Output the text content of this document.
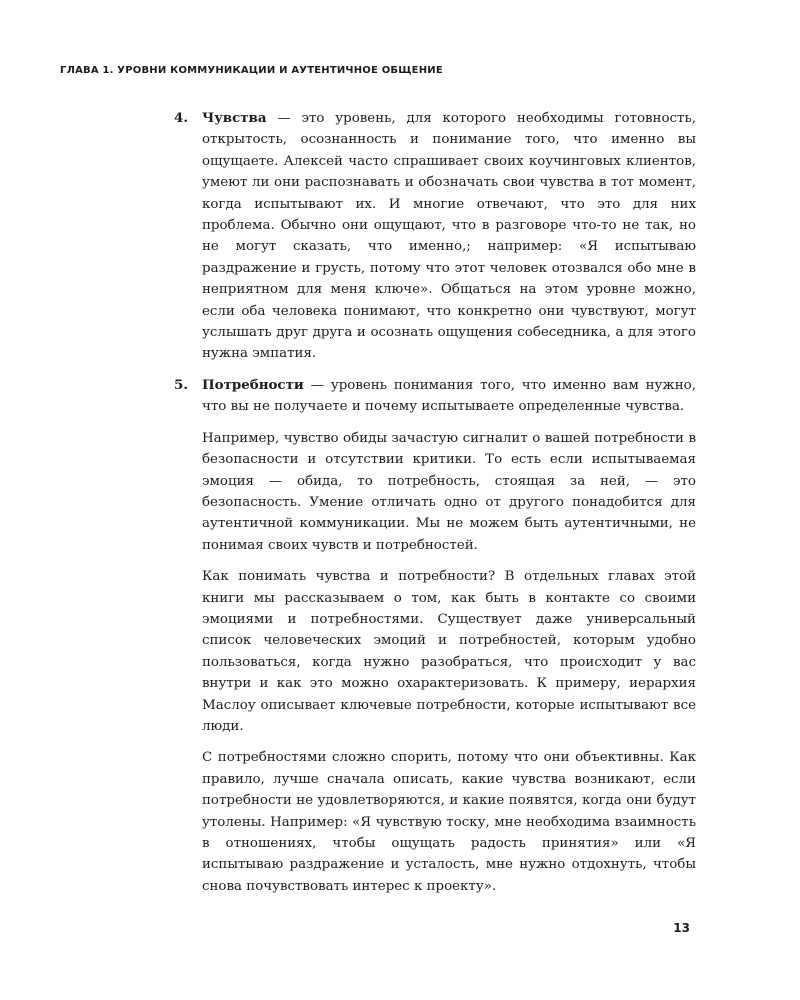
ГЛАВА 1. УРОВНИ КОММУНИКАЦИИ И АУТЕНТИЧНОЕ ОБЩЕНИЕ
4.	Чувства — это уровень, для которого необходимы готовность, открытость, осознанность и понимание того, что именно вы ощущаете. Алексей часто спрашивает своих коучинговых клиентов, умеют ли они распознавать и обозначать свои чувства в тот момент, когда испытывают их. И многие отвечают, что это для них проблема. Обычно они ощущают, что в разговоре что-то не так, но не могут сказать, что именно,; например: «Я испытываю раздражение и грусть, потому что этот человек отозвался обо мне в неприятном для меня ключе». Общаться на этом уровне можно, если оба человека понимают, что конкретно они чувствуют, могут услышать друг друга и осознать ощущения собеседника, а для этого нужна эмпатия.

5.	Потребности — уровень понимания того, что именно вам нужно, что вы не получаете и почему испытываете определенные чувства.

Например, чувство обиды зачастую сигналит о вашей потребности в безопасности и отсутствии критики. То есть если испытываемая эмоция — обида, то потребность, стоящая за ней, — это безопасность. Умение отличать одно от другого понадобится для аутентичной коммуникации. Мы не можем быть аутентичными, не понимая своих чувств и потребностей.

Как понимать чувства и потребности? В отдельных главах этой книги мы рассказываем о том, как быть в контакте со своими эмоциями и потребностями. Существует даже универсальный список человеческих эмоций и потребностей, которым удобно пользоваться, когда нужно разобраться, что происходит у вас внутри и как это можно охарактеризовать. К примеру, иерархия Маслоу описывает ключевые потребности, которые испытывают все люди.

С потребностями сложно спорить, потому что они объективны. Как правило, лучше сначала описать, какие чувства возникают, если потребности не удовлетворяются, и какие появятся, когда они будут утолены. Например: «Я чувствую тоску, мне необходима взаимность в отношениях, чтобы ощущать радость принятия» или «Я испытываю раздражение и усталость, мне нужно отдохнуть, чтобы снова почувствовать интерес к проекту».

13
